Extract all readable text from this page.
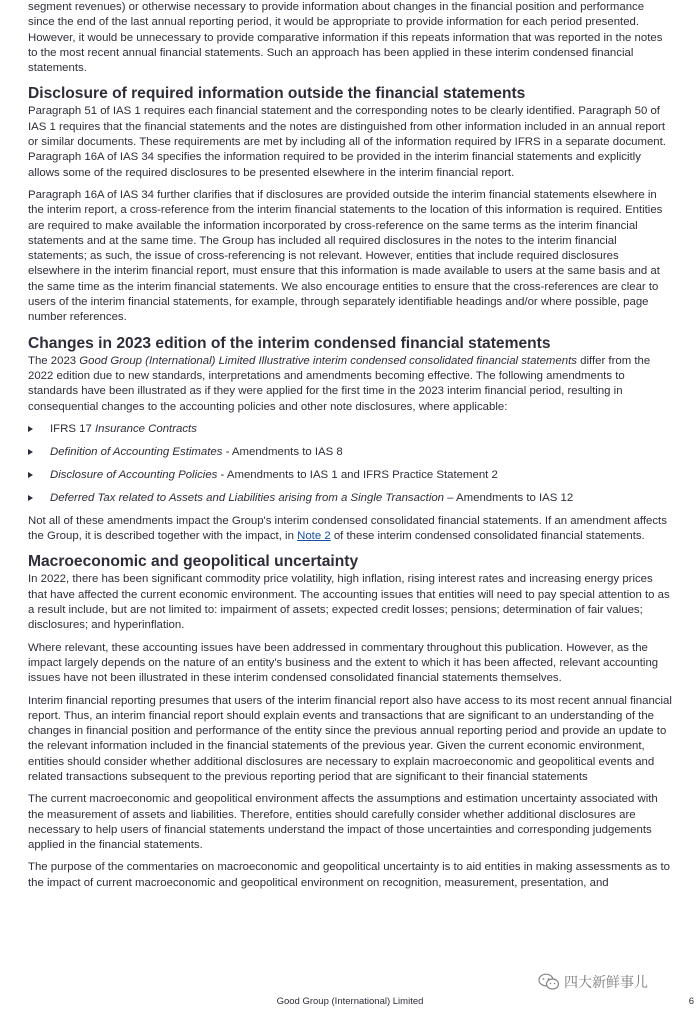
segment revenues) or otherwise necessary to provide information about changes in the financial position and performance since the end of the last annual reporting period, it would be appropriate to provide information for each period presented. However, it would be unnecessary to provide comparative information if this repeats information that was reported in the notes to the most recent annual financial statements. Such an approach has been applied in these interim condensed financial statements.

Disclosure of required information outside the financial statements

Paragraph 51 of IAS 1 requires each financial statement and the corresponding notes to be clearly identified. Paragraph 50 of IAS 1 requires that the financial statements and the notes are distinguished from other information included in an annual report or similar documents. These requirements are met by including all of the information required by IFRS in a separate document. Paragraph 16A of IAS 34 specifies the information required to be provided in the interim financial statements and explicitly allows some of the required disclosures to be presented elsewhere in the interim financial report.

Paragraph 16A of IAS 34 further clarifies that if disclosures are provided outside the interim financial statements elsewhere in the interim report, a cross-reference from the interim financial statements to the location of this information is required. Entities are required to make available the information incorporated by cross-reference on the same terms as the interim financial statements and at the same time. The Group has included all required disclosures in the notes to the interim financial statements; as such, the issue of cross-referencing is not relevant. However, entities that include required disclosures elsewhere in the interim financial report, must ensure that this information is made available to users at the same basis and at the same time as the interim financial statements. We also encourage entities to ensure that the cross-references are clear to users of the interim financial statements, for example, through separately identifiable headings and/or where possible, page number references.

Changes in 2023 edition of the interim condensed financial statements

The 2023 Good Group (International) Limited Illustrative interim condensed consolidated financial statements differ from the 2022 edition due to new standards, interpretations and amendments becoming effective. The following amendments to standards have been illustrated as if they were applied for the first time in the 2023 interim financial period, resulting in consequential changes to the accounting policies and other note disclosures, where applicable:

IFRS 17 Insurance Contracts
Definition of Accounting Estimates - Amendments to IAS 8
Disclosure of Accounting Policies - Amendments to IAS 1 and IFRS Practice Statement 2
Deferred Tax related to Assets and Liabilities arising from a Single Transaction – Amendments to IAS 12

Not all of these amendments impact the Group's interim condensed consolidated financial statements. If an amendment affects the Group, it is described together with the impact, in Note 2 of these interim condensed consolidated financial statements.

Macroeconomic and geopolitical uncertainty

In 2022, there has been significant commodity price volatility, high inflation, rising interest rates and increasing energy prices that have affected the current economic environment. The accounting issues that entities will need to pay special attention to as a result include, but are not limited to: impairment of assets; expected credit losses; pensions; determination of fair values; disclosures; and hyperinflation.

Where relevant, these accounting issues have been addressed in commentary throughout this publication. However, as the impact largely depends on the nature of an entity's business and the extent to which it has been affected, relevant accounting issues have not been illustrated in these interim condensed consolidated financial statements themselves.

Interim financial reporting presumes that users of the interim financial report also have access to its most recent annual financial report. Thus, an interim financial report should explain events and transactions that are significant to an understanding of the changes in financial position and performance of the entity since the previous annual reporting period and provide an update to the relevant information included in the financial statements of the previous year. Given the current economic environment, entities should consider whether additional disclosures are necessary to explain macroeconomic and geopolitical events and related transactions subsequent to the previous reporting period that are significant to their financial statements

The current macroeconomic and geopolitical environment affects the assumptions and estimation uncertainty associated with the measurement of assets and liabilities. Therefore, entities should carefully consider whether additional disclosures are necessary to help users of financial statements understand the impact of those uncertainties and corresponding judgements applied in the financial statements.

The purpose of the commentaries on macroeconomic and geopolitical uncertainty is to aid entities in making assessments as to the impact of current macroeconomic and geopolitical environment on recognition, measurement, presentation, and

四大新鲜事儿
Good Group (International) Limited	6
